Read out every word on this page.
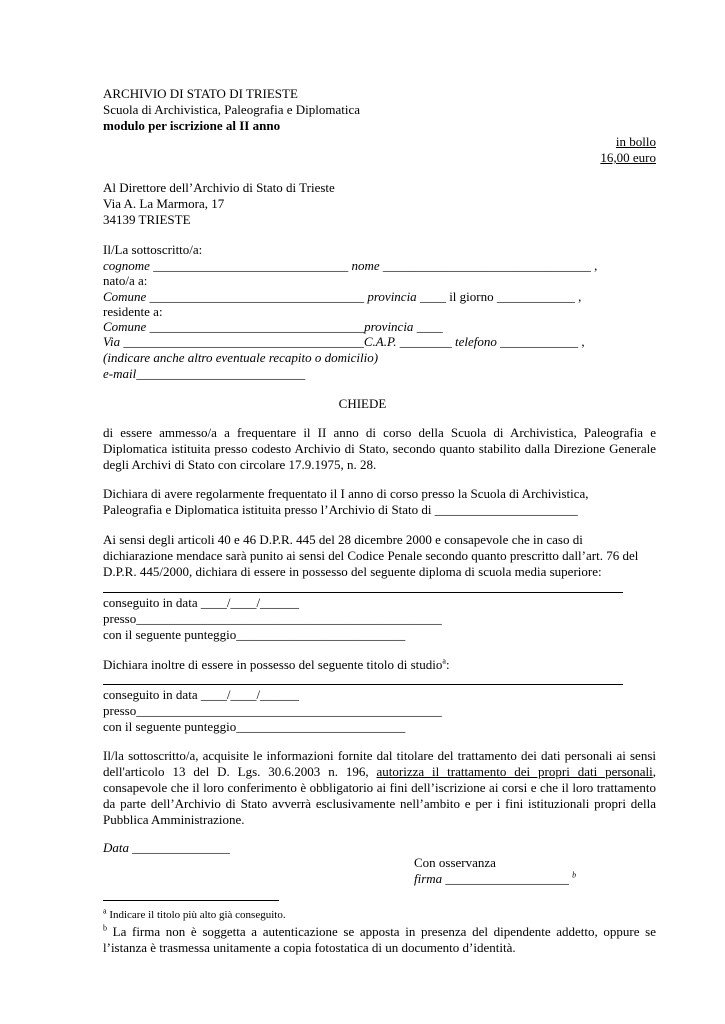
ARCHIVIO DI STATO DI TRIESTE
Scuola di Archivistica, Paleografia e Diplomatica
modulo per iscrizione al II anno
in bollo
16,00 euro
Al Direttore dell’Archivio di Stato di Trieste
Via A. La Marmora, 17
34139 TRIESTE
Il/La sottoscritto/a:
cognome ______________________________ nome ________________________________ ,
nato/a a:
Comune _________________________________ provincia ____ il giorno ____________ ,
residente a:
Comune _________________________________provincia ____
Via _____________________________________C.A.P. ________ telefono ____________ ,
(indicare anche altro eventuale recapito o domicilio)
e-mail__________________________
CHIEDE
di essere ammesso/a a frequentare il II anno di corso della Scuola di Archivistica, Paleografia e Diplomatica istituita presso codesto Archivio di Stato, secondo quanto stabilito dalla Direzione Generale degli Archivi di Stato con circolare 17.9.1975, n. 28.
Dichiara di avere regolarmente frequentato il I anno di corso presso la Scuola di Archivistica,
Paleografia e Diplomatica istituita presso l’Archivio di Stato di ______________________
Ai sensi degli articoli 40 e 46 D.P.R. 445 del 28 dicembre 2000 e consapevole che in caso di
dichiarazione mendace sarà punito ai sensi del Codice Penale secondo quanto prescritto dall’art. 76 del
D.P.R. 445/2000, dichiara di essere in possesso del seguente diploma di scuola media superiore:
conseguito in data ____/____/______
presso_______________________________________________
con il seguente punteggio__________________________
Dichiara inoltre di essere in possesso del seguente titolo di studio$^a$:
conseguito in data ____/____/______
presso_______________________________________________
con il seguente punteggio__________________________
Il/la sottoscritto/a, acquisite le informazioni fornite dal titolare del trattamento dei dati personali ai sensi dell'articolo 13 del D. Lgs. 30.6.2003 n. 196, autorizza il trattamento dei propri dati personali, consapevole che il loro conferimento è obbligatorio ai fini dell’iscrizione ai corsi e che il loro trattamento da parte dell’Archivio di Stato avverrà esclusivamente nell’ambito e per i fini istituzionali propri della Pubblica Amministrazione.
Data _______________
Con osservanza
firma ___________________ $^b$
$^a$ Indicare il titolo più alto già conseguito.
$^b$ La firma non è soggetta a autenticazione se apposta in presenza del dipendente addetto, oppure se l’istanza è trasmessa unitamente a copia fotostatica di un documento d’identità.
